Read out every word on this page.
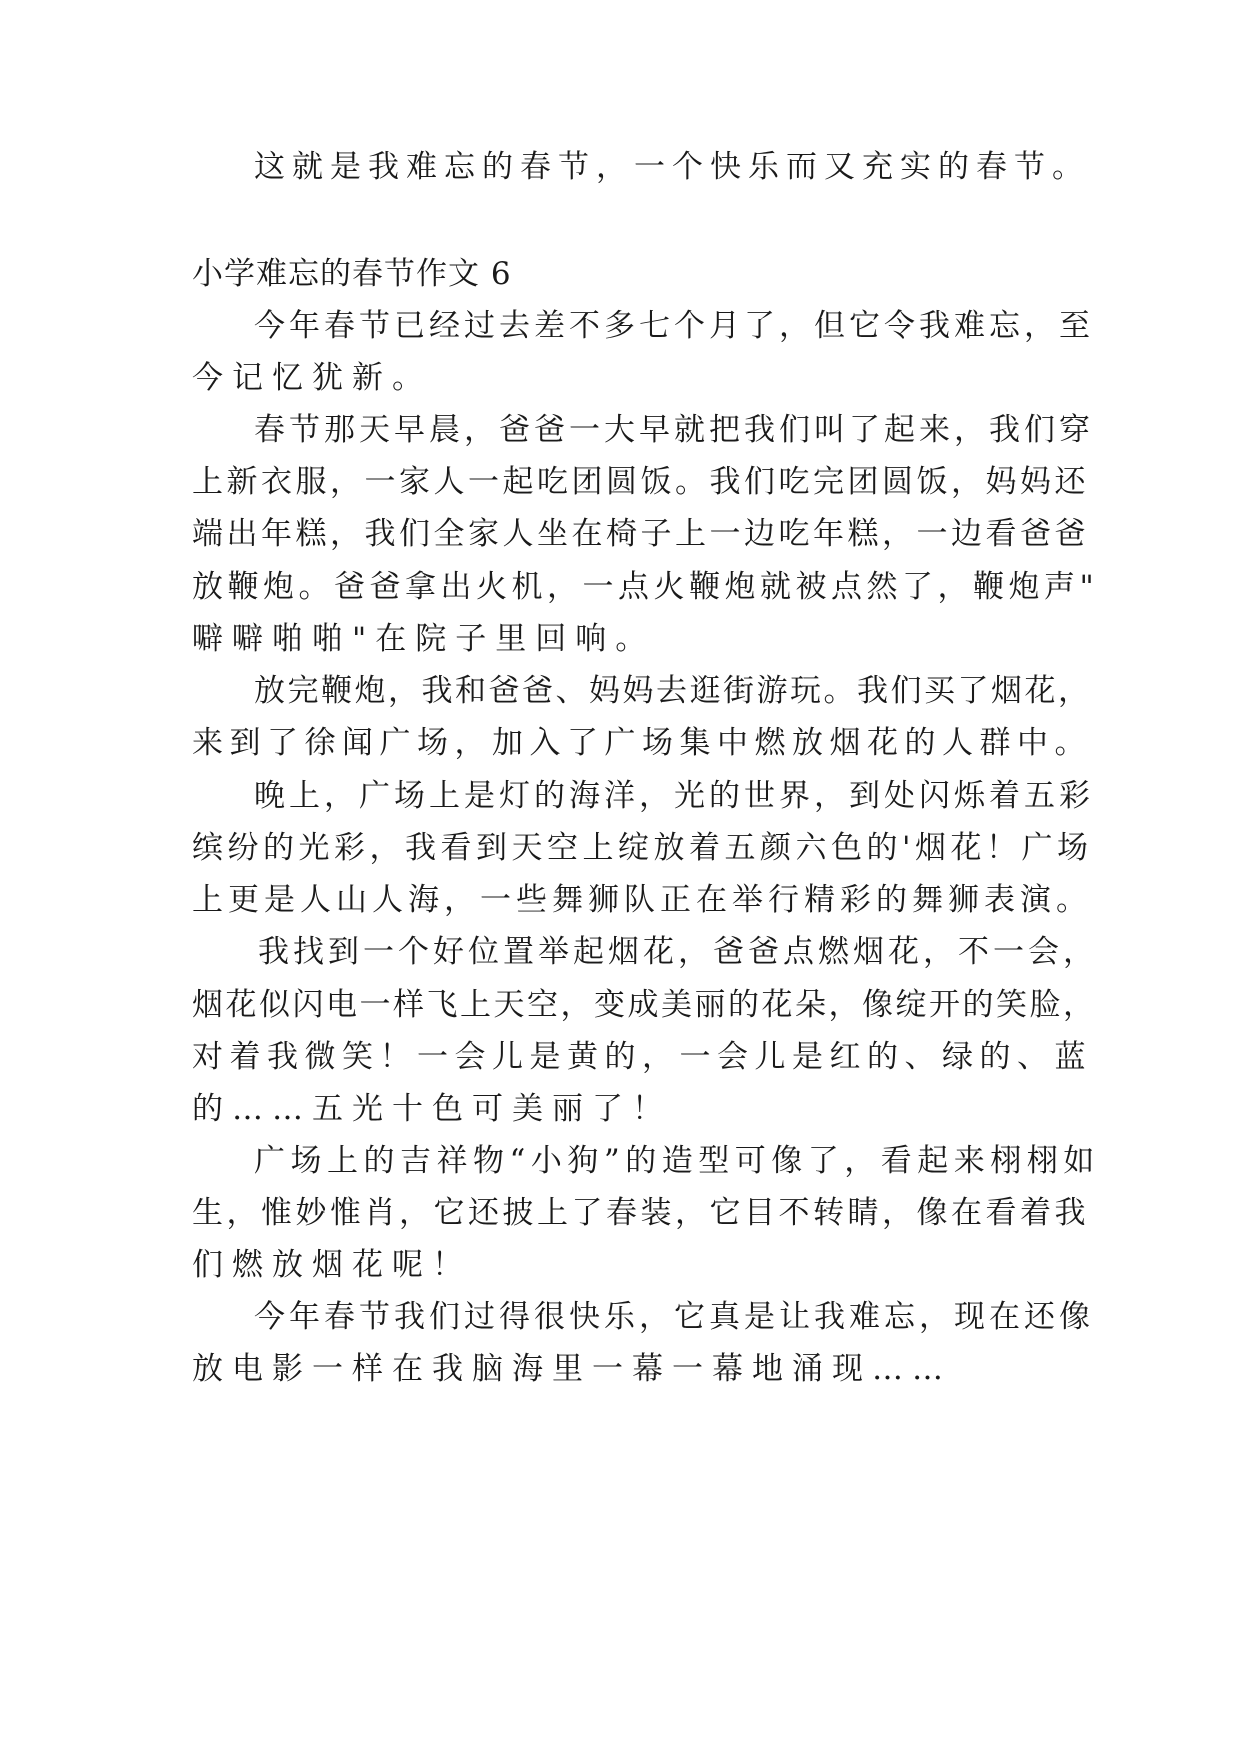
这就是我难忘的春节，一个快乐而又充实的春节。
小学难忘的春节作文 6
今年春节已经过去差不多七个月了，但它令我难忘，至
今记忆犹新。
春节那天早晨，爸爸一大早就把我们叫了起来，我们穿
上新衣服，一家人一起吃团圆饭。我们吃完团圆饭，妈妈还
端出年糕，我们全家人坐在椅子上一边吃年糕，一边看爸爸
放鞭炮。爸爸拿出火机，一点火鞭炮就被点然了，鞭炮声"
噼噼啪啪"在院子里回响。
放完鞭炮，我和爸爸、妈妈去逛街游玩。我们买了烟花，
来到了徐闻广场，加入了广场集中燃放烟花的人群中。
晚上，广场上是灯的海洋，光的世界，到处闪烁着五彩
缤纷的光彩，我看到天空上绽放着五颜六色的'烟花！广场
上更是人山人海，一些舞狮队正在举行精彩的舞狮表演。
我找到一个好位置举起烟花，爸爸点燃烟花，不一会，
烟花似闪电一样飞上天空，变成美丽的花朵，像绽开的笑脸，
对着我微笑！一会儿是黄的，一会儿是红的、绿的、蓝
的……五光十色可美丽了！
广场上的吉祥物“小狗”的造型可像了，看起来栩栩如
生，惟妙惟肖，它还披上了春装，它目不转睛，像在看着我
们燃放烟花呢！
今年春节我们过得很快乐，它真是让我难忘，现在还像
放电影一样在我脑海里一幕一幕地涌现……
